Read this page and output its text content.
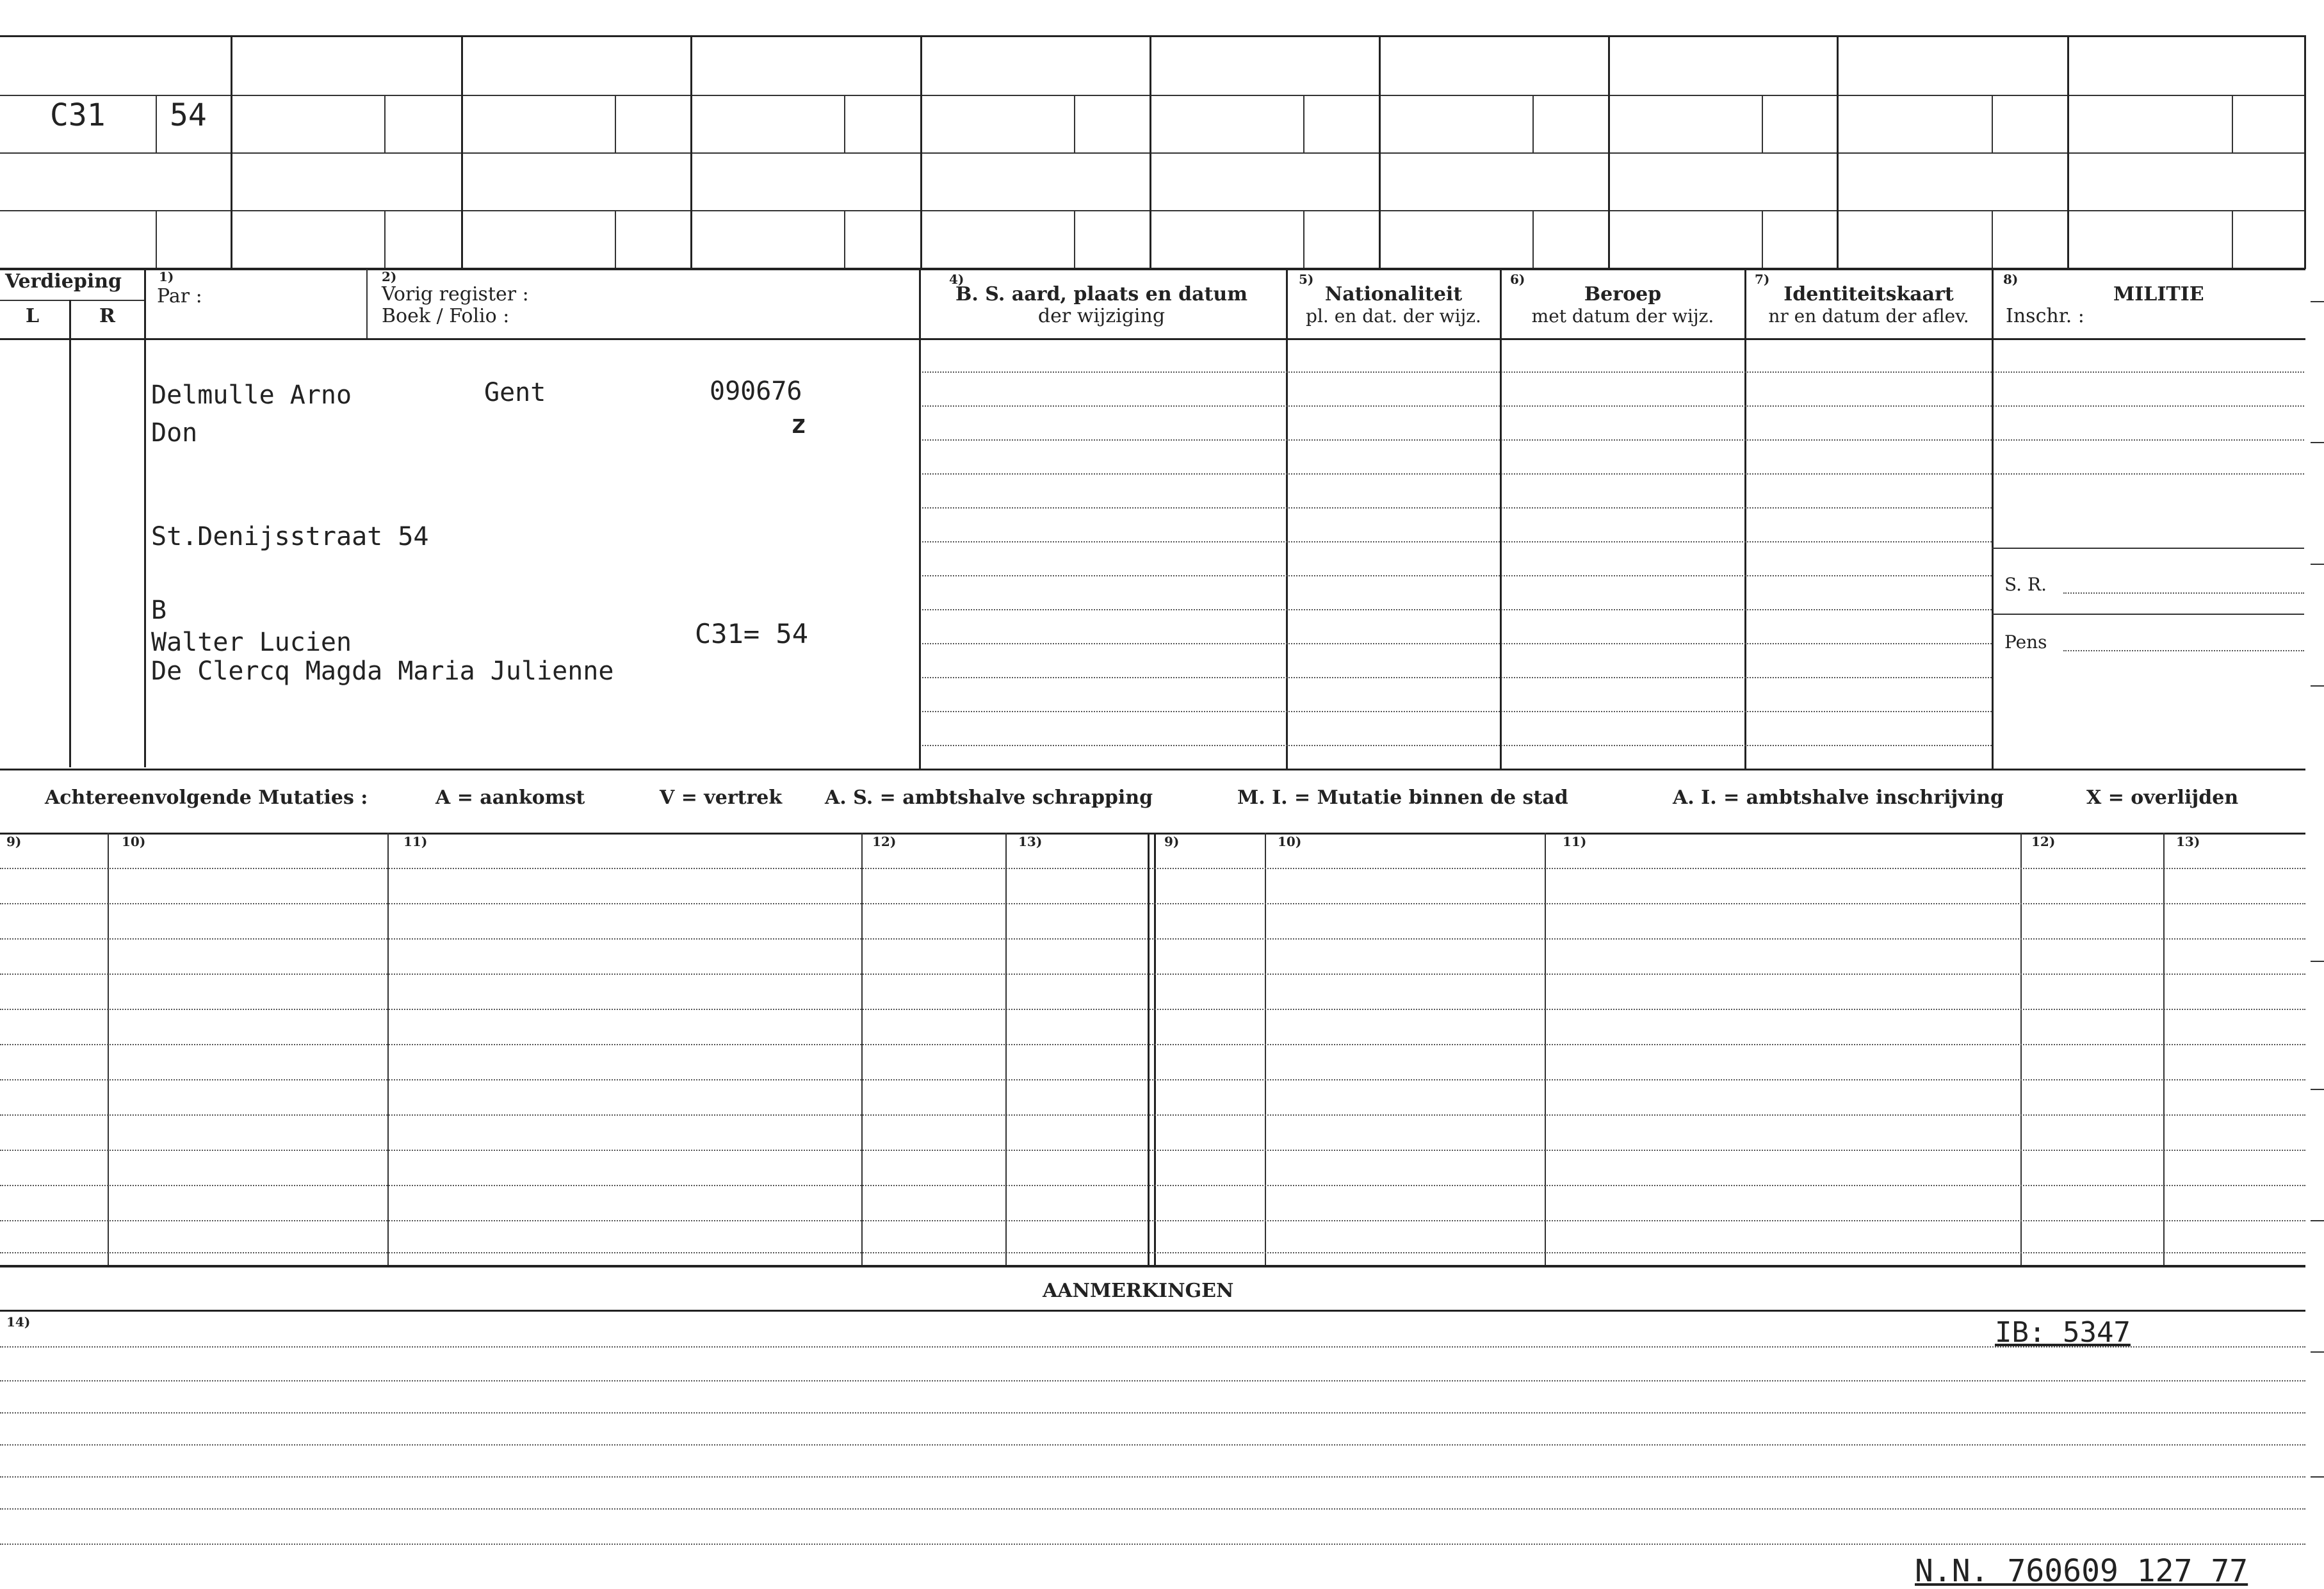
C31 54
Verdieping
L	R
1)
Par :
2)
Vorig register :
Boek / Folio :
4)
B. S. aard, plaats en datum
der wijziging
5)
Nationaliteit
pl. en dat. der wijz.
6)
Beroep
met datum der wijz.
7)
Identiteitskaart
nr en datum der aflev.
8)
MILITIE
Inschr. :
S. R.
Pens
Delmulle Arno	Gent	090676
Don	z
St.Denijsstraat 54
B
Walter Lucien	C31= 54
De Clercq Magda Maria Julienne
Achtereenvolgende Mutaties :	A = aankomst	V = vertrek A. S. = ambtshalve schrapping	M. I. = Mutatie binnen de stad	A. I. = ambtshalve inschrijving	X = overlijden
9)	10)	11)	12)	13)	9)	10)	11)	12)	13)
AANMERKINGEN
14)	IB: 5347
N.N. 760609 127 77
